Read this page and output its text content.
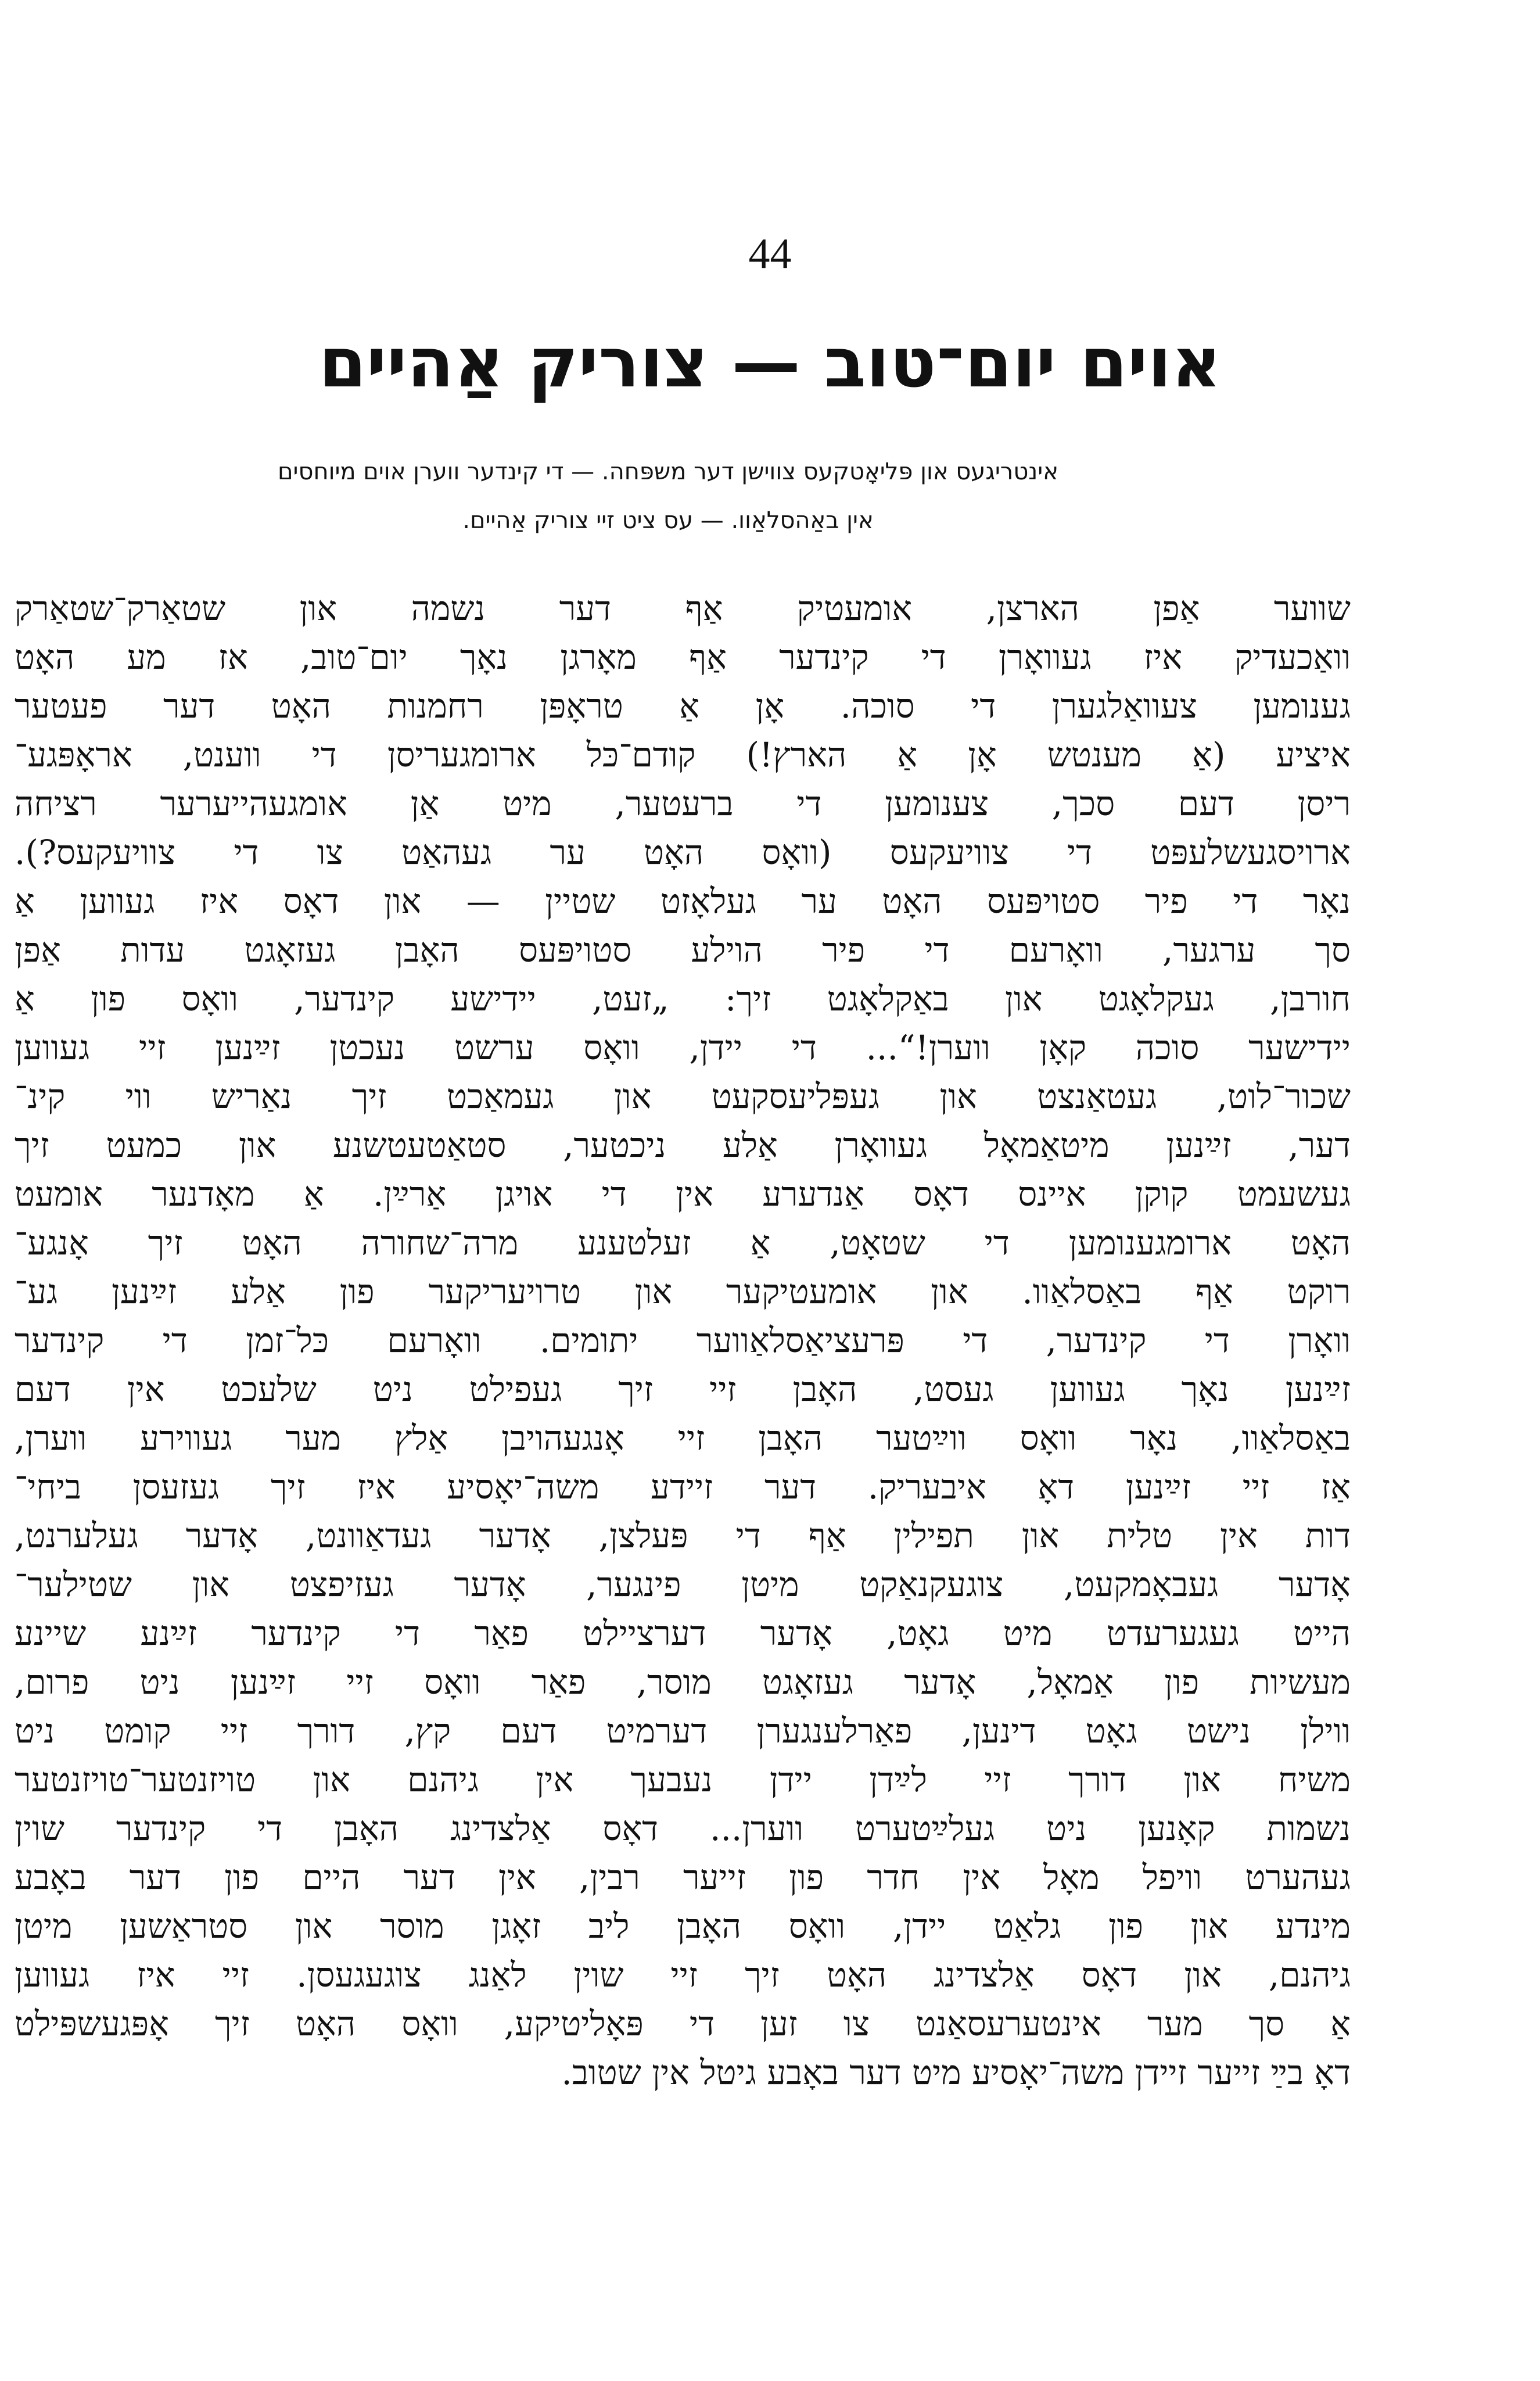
44
אוים יום־טוב — צוריק אַהיים
אינטריגעס און פּליאָטקעס צווישן דער משפּחה. — די קינדער ווערן אוים מיוחסים
אין באַהסלאַוו. — עס ציט זיי צוריק אַהיים.
שווער אַפן הארצן, אומעטיק אַף דער נשמה און שטאַרק־שטאַרק
וואַכעדיק איז געוואָרן די קינדער אַף מאָרגן נאָך יום־טוב, אז מע האָט
גענומען צעוואַלגערן די סוכה. אָן אַ טראָפּן רחמנות האָט דער פעטער
איציע (אַ מענטש אָן אַ הארץ!) קודם־כּל ארומגעריסן די ווענט, אראָפּגע־
ריסן דעם סכך, צענומען די ברעטער, מיט אַן אומגעהייערער רציחה
ארויסגעשלעפּט די צוויעקעס (וואָס האָט ער געהאַט צו די צוויעקעס?).
נאָר די פיר סטויפּעס האָט ער געלאָזט שטיין — און דאָס איז געווען אַ
סך ערגער, וואָרעם די פיר הוילע סטויפּעס האָבן געזאָגט עדות אַפן
חורבן, געקלאָגט און באַקלאָגט זיך: „זעט, יידישע קינדער, וואָס פון אַ
יידישער סוכה קאָן ווערן!“... די יידן, וואָס ערשט נעכטן זײַנען זיי געווען
שכור־לוט, געטאַנצט און געפּליעסקעט און געמאַכט זיך נאַריש ווי קינ־
דער, זײַנען מיטאַמאָל געוואָרן אַלע ניכטער, סטאַטעטשנע און כמעט זיך
געשעמט קוקן איינס דאָס אַנדערע אין די אויגן אַרײַן. אַ מאָדנער אומעט
האָט ארומגענומען די שטאָט, אַ זעלטענע מרה־שחורה האָט זיך אָנגע־
רוקט אַף באַסלאַוו. און אומעטיקער און טרויעריקער פון אַלע זײַנען גע־
וואָרן די קינדער, די פּרעציאַסלאַווער יתומים. וואָרעם כּל־זמן די קינדער
זײַנען נאָך געווען געסט, האָבן זיי זיך געפילט ניט שלעכט אין דעם
באַסלאַוו, נאָר וואָס ווײַטער האָבן זיי אָנגעהויבן אַלץ מער געווירע ווערן,
אַז זיי זײַנען דאָ איבעריק. דער זיידע משה־יאָסיע איז זיך געזעסן ביחי־
דות אין טלית און תפילין אַף די פּעלצן, אָדער געדאַוונט, אָדער געלערנט,
אָדער געבאָמקעט, צוגעקנאַקט מיטן פינגער, אָדער געזיפצט און שטילער־
הייט געגערעדט מיט גאָט, אָדער דערציילט פאַר די קינדער זײַנע שיינע
מעשיות פון אַמאָל, אָדער געזאָגט מוסר, פאַר וואָס זיי זײַנען ניט פרום,
ווילן נישט גאָט דינען, פאַרלענגערן דערמיט דעם קץ, דורך זיי קומט ניט
משיח און דורך זיי לײַדן יידן נעבעך אין גיהנם און טויזנטער־טויזנטער
נשמות קאָנען ניט געלײַטערט ווערן... דאָס אַלצדינג האָבן די קינדער שוין
געהערט וויפל מאָל אין חדר פון זייער רבין, אין דער היים פון דער באָבע
מינדע און פון גלאַט יידן, וואָס האָבן ליב זאָגן מוסר און סטראַשען מיטן
גיהנם, און דאָס אַלצדינג האָט זיך זיי שוין לאַנג צוגעגעסן. זיי איז געווען
אַ סך מער אינטערעסאַנט צו זען די פּאָליטיקע, וואָס האָט זיך אָפּגעשפּילט
דאָ בײַ זייער זיידן משה־יאָסיע מיט דער באָבע גיטל אין שטוב.
